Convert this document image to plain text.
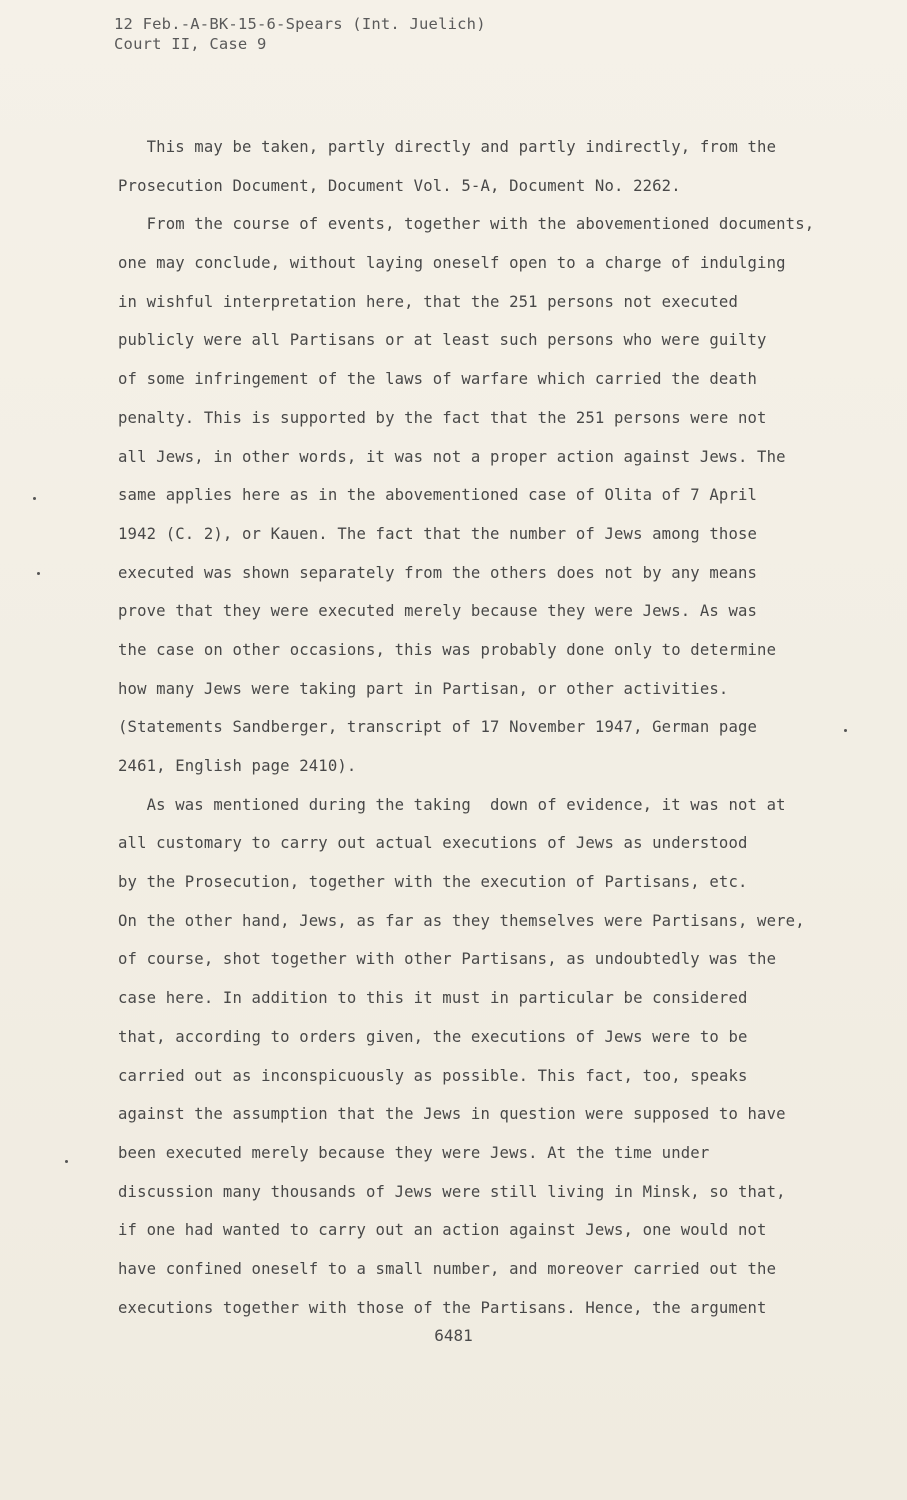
12 Feb.-A-BK-15-6-Spears (Int. Juelich)
Court II, Case 9
This may be taken, partly directly and partly indirectly, from the
Prosecution Document, Document Vol. 5-A, Document No. 2262.
From the course of events, together with the abovementioned documents,
one may conclude, without laying oneself open to a charge of indulging
in wishful interpretation here, that the 251 persons not executed
publicly were all Partisans or at least such persons who were guilty
of some infringement of the laws of warfare which carried the death
penalty. This is supported by the fact that the 251 persons were not
all Jews, in other words, it was not a proper action against Jews. The
same applies here as in the abovementioned case of Olita of 7 April
1942 (C. 2), or Kauen. The fact that the number of Jews among those
executed was shown separately from the others does not by any means
prove that they were executed merely because they were Jews. As was
the case on other occasions, this was probably done only to determine
how many Jews were taking part in Partisan, or other activities.
(Statements Sandberger, transcript of 17 November 1947, German page
2461, English page 2410).
As was mentioned during the taking  down of evidence, it was not at
all customary to carry out actual executions of Jews as understood
by the Prosecution, together with the execution of Partisans, etc.
On the other hand, Jews, as far as they themselves were Partisans, were,
of course, shot together with other Partisans, as undoubtedly was the
case here. In addition to this it must in particular be considered
that, according to orders given, the executions of Jews were to be
carried out as inconspicuously as possible. This fact, too, speaks
against the assumption that the Jews in question were supposed to have
been executed merely because they were Jews. At the time under
discussion many thousands of Jews were still living in Minsk, so that,
if one had wanted to carry out an action against Jews, one would not
have confined oneself to a small number, and moreover carried out the
executions together with those of the Partisans. Hence, the argument
6481
